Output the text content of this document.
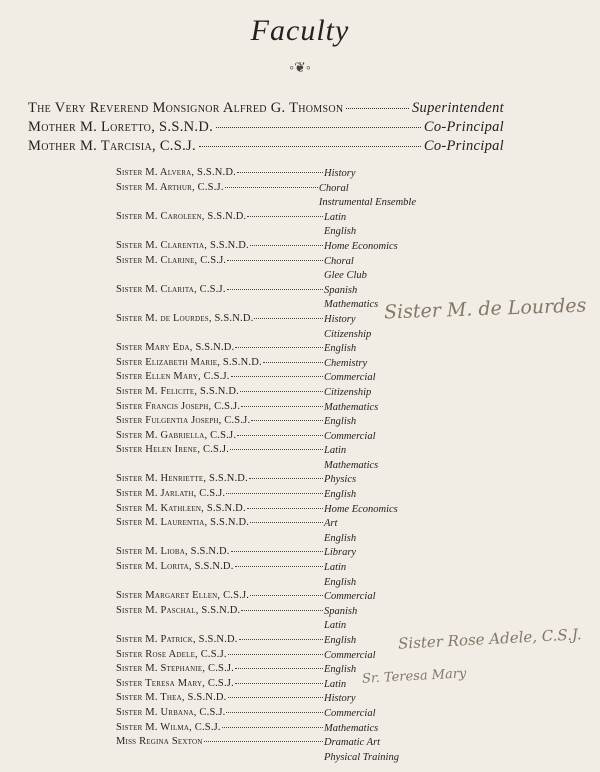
Faculty
◦❦◦
The Very Reverend Monsignor Alfred G. Thomson	Superintendent
Mother M. Loretto, S.S.N.D.	Co-Principal
Mother M. Tarcisia, C.S.J.	Co-Principal
Sister M. Alvera, S.S.N.D.	History
Sister M. Arthur, C.S.J.	Choral
Instrumental Ensemble
Sister M. Caroleen, S.S.N.D.	Latin
English
Sister M. Clarentia, S.S.N.D.	Home Economics
Sister M. Clarine, C.S.J.	Choral
Glee Club
Sister M. Clarita, C.S.J.	Spanish
Mathematics
Sister M. de Lourdes, S.S.N.D.	History
Citizenship
Sister Mary Eda, S.S.N.D.	English
Sister Elizabeth Marie, S.S.N.D.	Chemistry
Sister Ellen Mary, C.S.J.	Commercial
Sister M. Felicite, S.S.N.D.	Citizenship
Sister Francis Joseph, C.S.J.	Mathematics
Sister Fulgentia Joseph, C.S.J.	English
Sister M. Gabriella, C.S.J.	Commercial
Sister Helen Irene, C.S.J.	Latin
Mathematics
Sister M. Henriette, S.S.N.D.	Physics
Sister M. Jarlath, C.S.J.	English
Sister M. Kathleen, S.S.N.D.	Home Economics
Sister M. Laurentia, S.S.N.D.	Art
English
Sister M. Lioba, S.S.N.D.	Library
Sister M. Lorita, S.S.N.D.	Latin
English
Sister Margaret Ellen, C.S.J.	Commercial
Sister M. Paschal, S.S.N.D.	Spanish
Latin
Sister M. Patrick, S.S.N.D.	English
Sister Rose Adele, C.S.J.	Commercial
Sister M. Stephanie, C.S.J.	English
Sister Teresa Mary, C.S.J.	Latin
Sister M. Thea, S.S.N.D.	History
Sister M. Urbana, C.S.J.	Commercial
Sister M. Wilma, C.S.J.	Mathematics
Miss Regina Sexton	Dramatic Art
Physical Training
Sister M. de Lourdes
Sister Rose Adele, C.S.J.
Sr. Teresa Mary
